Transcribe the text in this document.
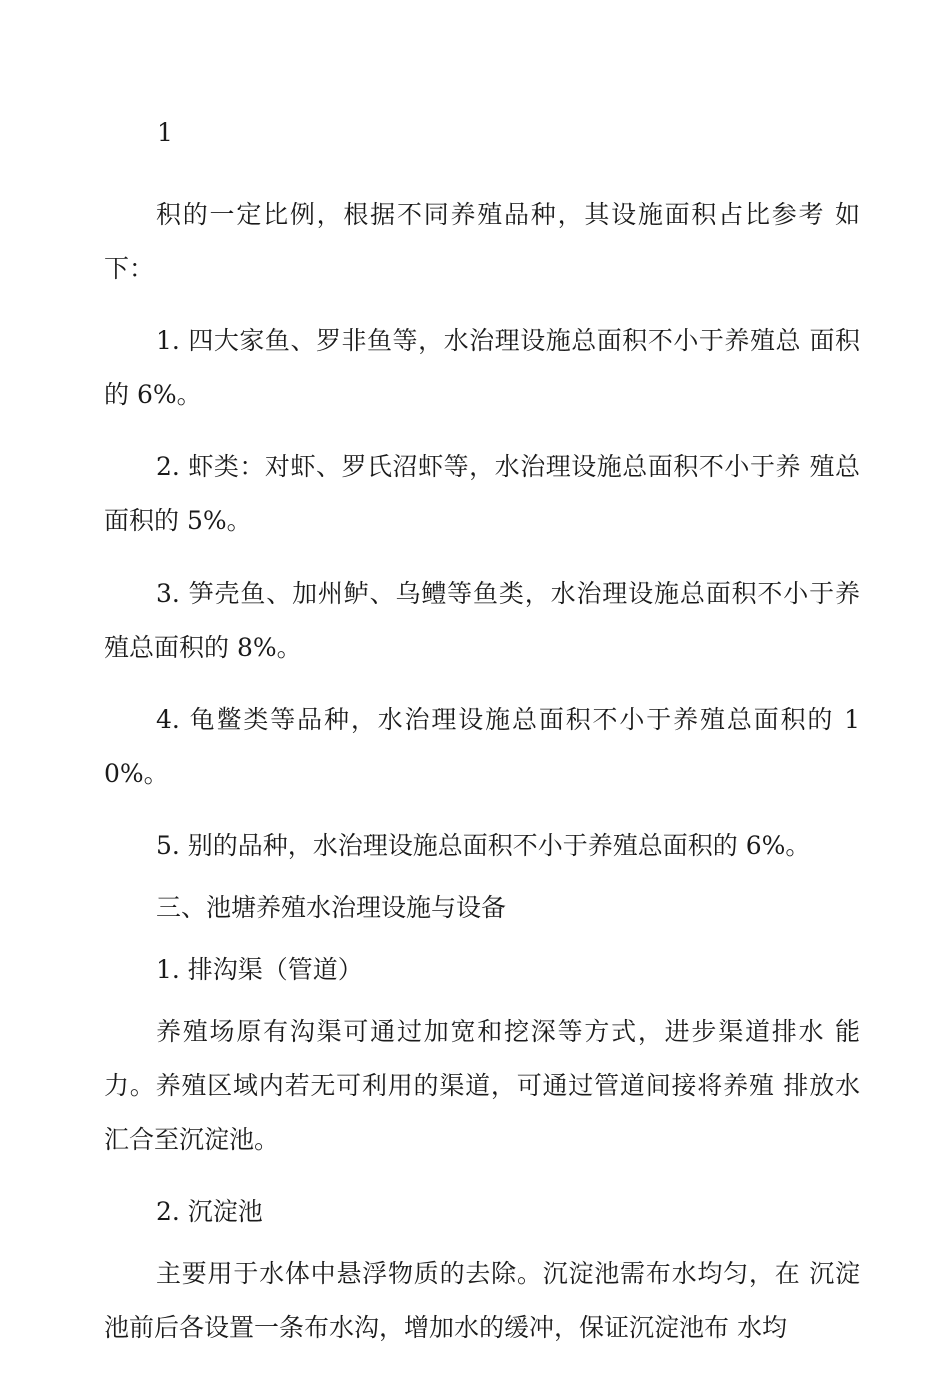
1

积的一定比例，根据不同养殖品种，其设施面积占比参考 如下：

1. 四大家鱼、罗非鱼等，水治理设施总面积不小于养殖总 面积的 6%。

2. 虾类：对虾、罗氏沼虾等，水治理设施总面积不小于养 殖总面积的 5%。

3. 笋壳鱼、加州鲈、乌鳢等鱼类，水治理设施总面积不小于养殖总面积的 8%。

4. 龟鳖类等品种，水治理设施总面积不小于养殖总面积的 10%。

5. 别的品种，水治理设施总面积不小于养殖总面积的 6%。

三、池塘养殖水治理设施与设备

1. 排沟渠（管道）

养殖场原有沟渠可通过加宽和挖深等方式，进步渠道排水 能力。养殖区域内若无可利用的渠道，可通过管道间接将养殖 排放水汇合至沉淀池。

2. 沉淀池

主要用于水体中悬浮物质的去除。沉淀池需布水均匀，在 沉淀池前后各设置一条布水沟，增加水的缓冲，保证沉淀池布 水均
